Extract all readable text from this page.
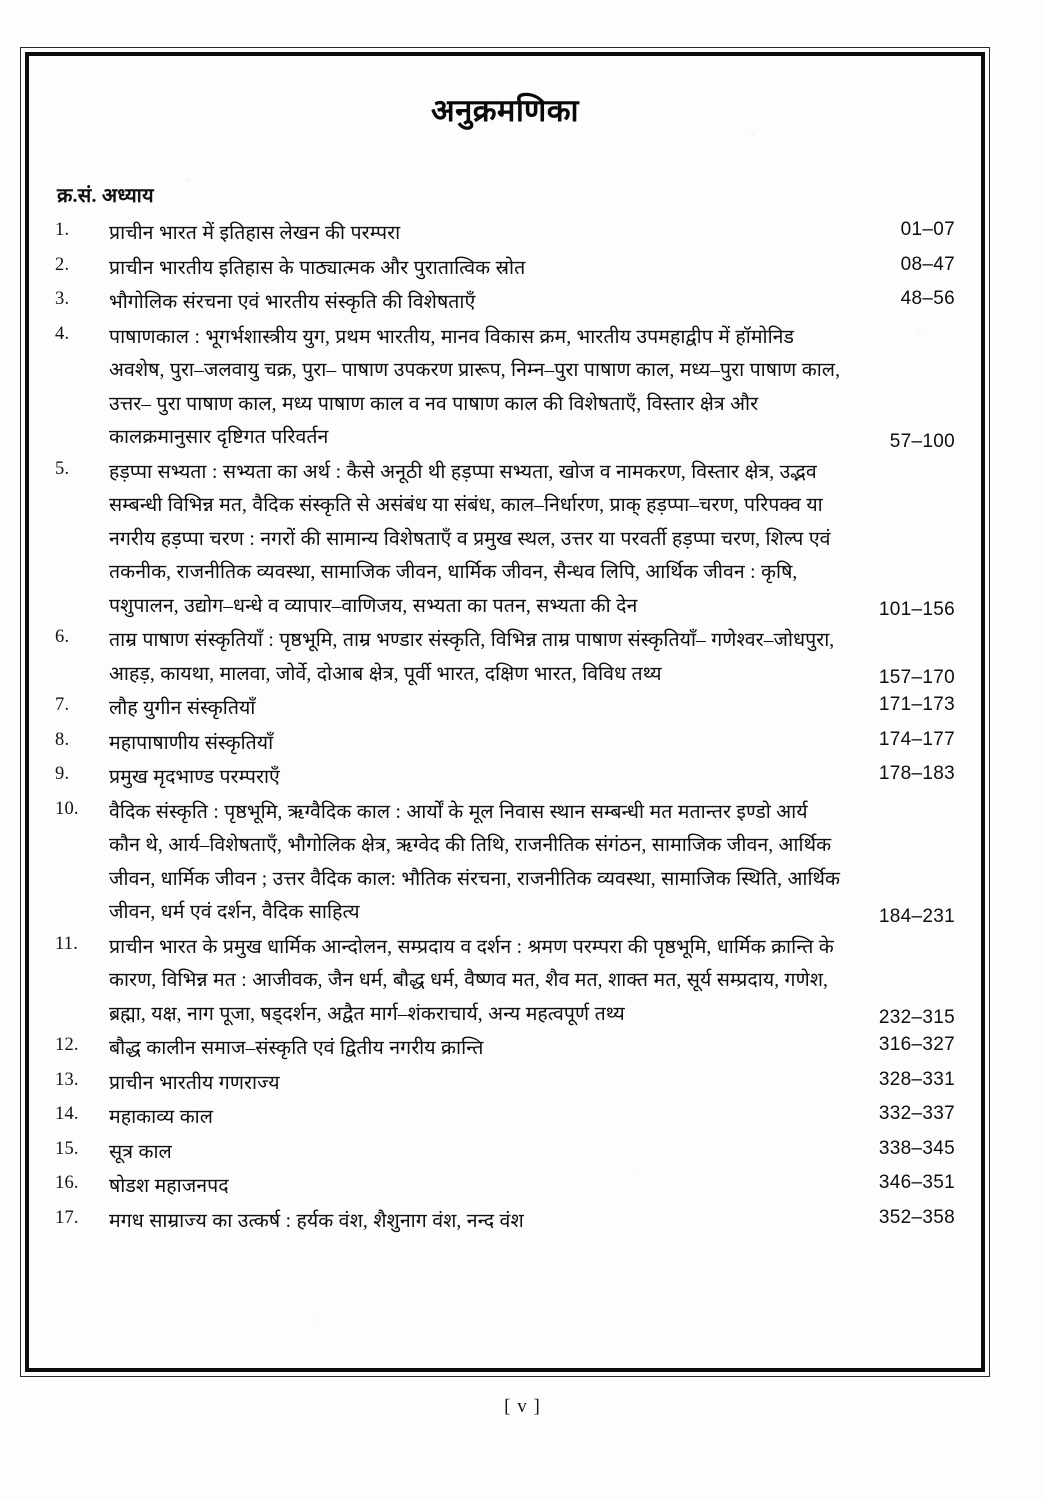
अनुक्रमणिका
क्र.सं. अध्याय
1.	प्राचीन भारत में इतिहास लेखन की परम्परा	01–07
2.	प्राचीन भारतीय इतिहास के पाठ्यात्मक और पुरातात्विक स्रोत	08–47
3.	भौगोलिक संरचना एवं भारतीय संस्कृति की विशेषताएँ	48–56
4.	पाषाणकाल : भूगर्भशास्त्रीय युग, प्रथम भारतीय, मानव विकास क्रम, भारतीय उपमहाद्वीप में हॉमोनिड अवशेष, पुरा–जलवायु चक्र, पुरा– पाषाण उपकरण प्रारूप, निम्न–पुरा पाषाण काल, मध्य–पुरा पाषाण काल, उत्तर– पुरा पाषाण काल, मध्य पाषाण काल व नव पाषाण काल की विशेषताएँ, विस्तार क्षेत्र और कालक्रमानुसार दृष्टिगत परिवर्तन	57–100
5.	हड़प्पा सभ्यता : सभ्यता का अर्थ : कैसे अनूठी थी हड़प्पा सभ्यता, खोज व नामकरण, विस्तार क्षेत्र, उद्भव सम्बन्धी विभिन्न मत, वैदिक संस्कृति से असंबंध या संबंध, काल–निर्धारण, प्राक् हड़प्पा–चरण, परिपक्व या नगरीय हड़प्पा चरण : नगरों की सामान्य विशेषताएँ व प्रमुख स्थल, उत्तर या परवर्ती हड़प्पा चरण, शिल्प एवं तकनीक, राजनीतिक व्यवस्था, सामाजिक जीवन, धार्मिक जीवन, सैन्धव लिपि, आर्थिक जीवन : कृषि, पशुपालन, उद्योग–धन्धे व व्यापार–वाणिजय, सभ्यता का पतन, सभ्यता की देन	101–156
6.	ताम्र पाषाण संस्कृतियाँ : पृष्ठभूमि, ताम्र भण्डार संस्कृति, विभिन्न ताम्र पाषाण संस्कृतियाँ– गणेश्वर–जोधपुरा, आहड़, कायथा, मालवा, जोर्वे, दोआब क्षेत्र, पूर्वी भारत, दक्षिण भारत, विविध तथ्य	157–170
7.	लौह युगीन संस्कृतियाँ	171–173
8.	महापाषाणीय संस्कृतियाँ	174–177
9.	प्रमुख मृदभाण्ड परम्पराएँ	178–183
10.	वैदिक संस्कृति : पृष्ठभूमि, ऋग्वैदिक काल : आर्यों के मूल निवास स्थान सम्बन्धी मत मतान्तर इण्डो आर्य कौन थे, आर्य–विशेषताएँ, भौगोलिक क्षेत्र, ऋग्वेद की तिथि, राजनीतिक संगंठन, सामाजिक जीवन, आर्थिक जीवन, धार्मिक जीवन ; उत्तर वैदिक काल: भौतिक संरचना, राजनीतिक व्यवस्था, सामाजिक स्थिति, आर्थिक जीवन, धर्म एवं दर्शन, वैदिक साहित्य	184–231
11.	प्राचीन भारत के प्रमुख धार्मिक आन्दोलन, सम्प्रदाय व दर्शन : श्रमण परम्परा की पृष्ठभूमि, धार्मिक क्रान्ति के कारण, विभिन्न मत : आजीवक, जैन धर्म, बौद्ध धर्म, वैष्णव मत, शैव मत, शाक्त मत, सूर्य सम्प्रदाय, गणेश, ब्रह्मा, यक्ष, नाग पूजा, षड्दर्शन, अद्वैत मार्ग–शंकराचार्य, अन्य महत्वपूर्ण तथ्य	232–315
12.	बौद्ध कालीन समाज–संस्कृति एवं द्वितीय नगरीय क्रान्ति	316–327
13.	प्राचीन भारतीय गणराज्य	328–331
14.	महाकाव्य काल	332–337
15.	सूत्र काल	338–345
16.	षोडश महाजनपद	346–351
17.	मगध साम्राज्य का उत्कर्ष : हर्यक वंश, शैशुनाग वंश, नन्द वंश	352–358
[ v ]
